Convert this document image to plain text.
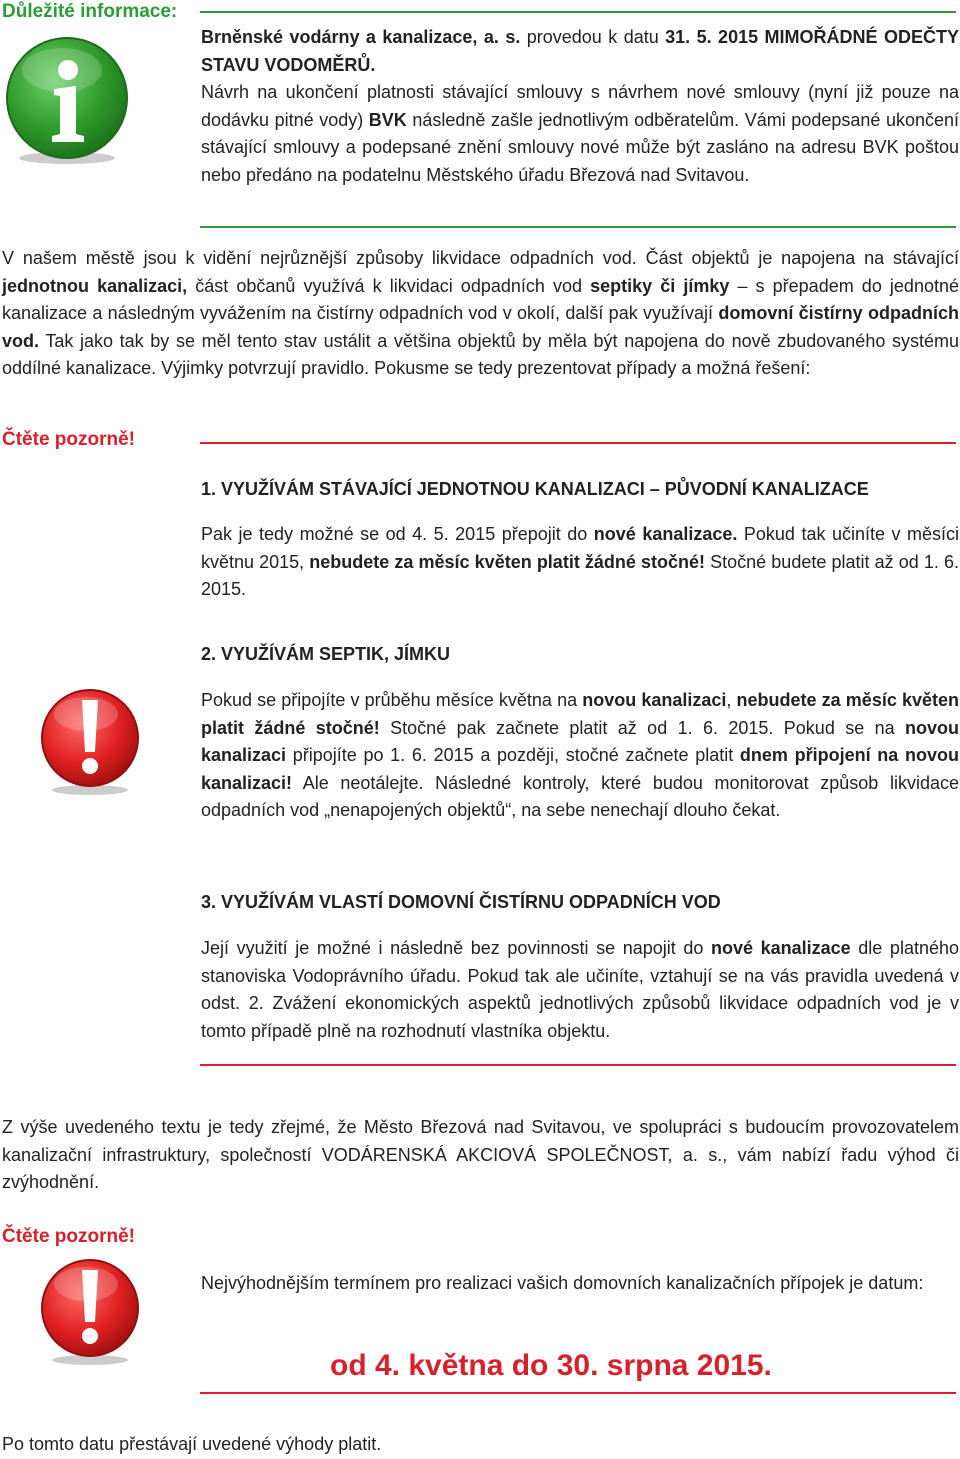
Důležité informace:
Brněnské vodárny a kanalizace, a. s. provedou k datu 31. 5. 2015 MIMOŘÁDNÉ ODEČTY STAVU VODOMĚRŮ.
Návrh na ukončení platnosti stávající smlouvy s návrhem nové smlouvy (nyní již pouze na dodávku pitné vody) BVK následně zašle jednotlivým odběratelům. Vámi podepsané ukončení stávající smlouvy a podepsané znění smlouvy nové může být zasláno na adresu BVK poštou nebo předáno na podatelnu Městského úřadu Březová nad Svitavou.
V našem městě jsou k vidění nejrůznější způsoby likvidace odpadních vod. Část objektů je napojena na stávající jednotnou kanalizaci, část občanů využívá k likvidaci odpadních vod septiky či jímky – s přepadem do jednotné kanalizace a následným vyvážením na čistírny odpadních vod v okolí, další pak využívají domovní čistírny odpadních vod. Tak jako tak by se měl tento stav ustálit a většina objektů by měla být napojena do nově zbudovaného systému oddílné kanalizace. Výjimky potvrzují pravidlo. Pokusme se tedy prezentovat případy a možná řešení:
Čtěte pozorně!
1. VYUŽÍVÁM STÁVAJÍCÍ JEDNOTNOU KANALIZACI – PŮVODNÍ KANALIZACE
Pak je tedy možné se od 4. 5. 2015 přepojit do nové kanalizace. Pokud tak učiníte v měsíci květnu 2015, nebudete za měsíc květen platit žádné stočné! Stočné budete platit až od 1. 6. 2015.
2. VYUŽÍVÁM SEPTIK, JÍMKU
Pokud se připojíte v průběhu měsíce května na novou kanalizaci, nebudete za měsíc květen platit žádné stočné! Stočné pak začnete platit až od 1. 6. 2015. Pokud se na novou kanalizaci připojíte po 1. 6. 2015 a později, stočné začnete platit dnem připojení na novou kanalizaci! Ale neotálejte. Následné kontroly, které budou monitorovat způsob likvidace odpadních vod „nenapojených objektů“, na sebe nenechají dlouho čekat.
3. VYUŽÍVÁM VLASTÍ DOMOVNÍ ČISTÍRNU ODPADNÍCH VOD
Její využití je možné i následně bez povinnosti se napojit do nové kanalizace dle platného stanoviska Vodoprávního úřadu. Pokud tak ale učiníte, vztahují se na vás pravidla uvedená v odst. 2. Zvážení ekonomických aspektů jednotlivých způsobů likvidace odpadních vod je v tomto případě plně na rozhodnutí vlastníka objektu.
Z výše uvedeného textu je tedy zřejmé, že Město Březová nad Svitavou, ve spolupráci s budoucím provozovatelem kanalizační infrastruktury, společností VODÁRENSKÁ AKCIOVÁ SPOLEČNOST, a. s., vám nabízí řadu výhod či zvýhodnění.
Čtěte pozorně!
Nejvýhodnějším termínem pro realizaci vašich domovních kanalizačních přípojek je datum:
od 4. května do 30. srpna 2015.
Po tomto datu přestávají uvedené výhody platit.
